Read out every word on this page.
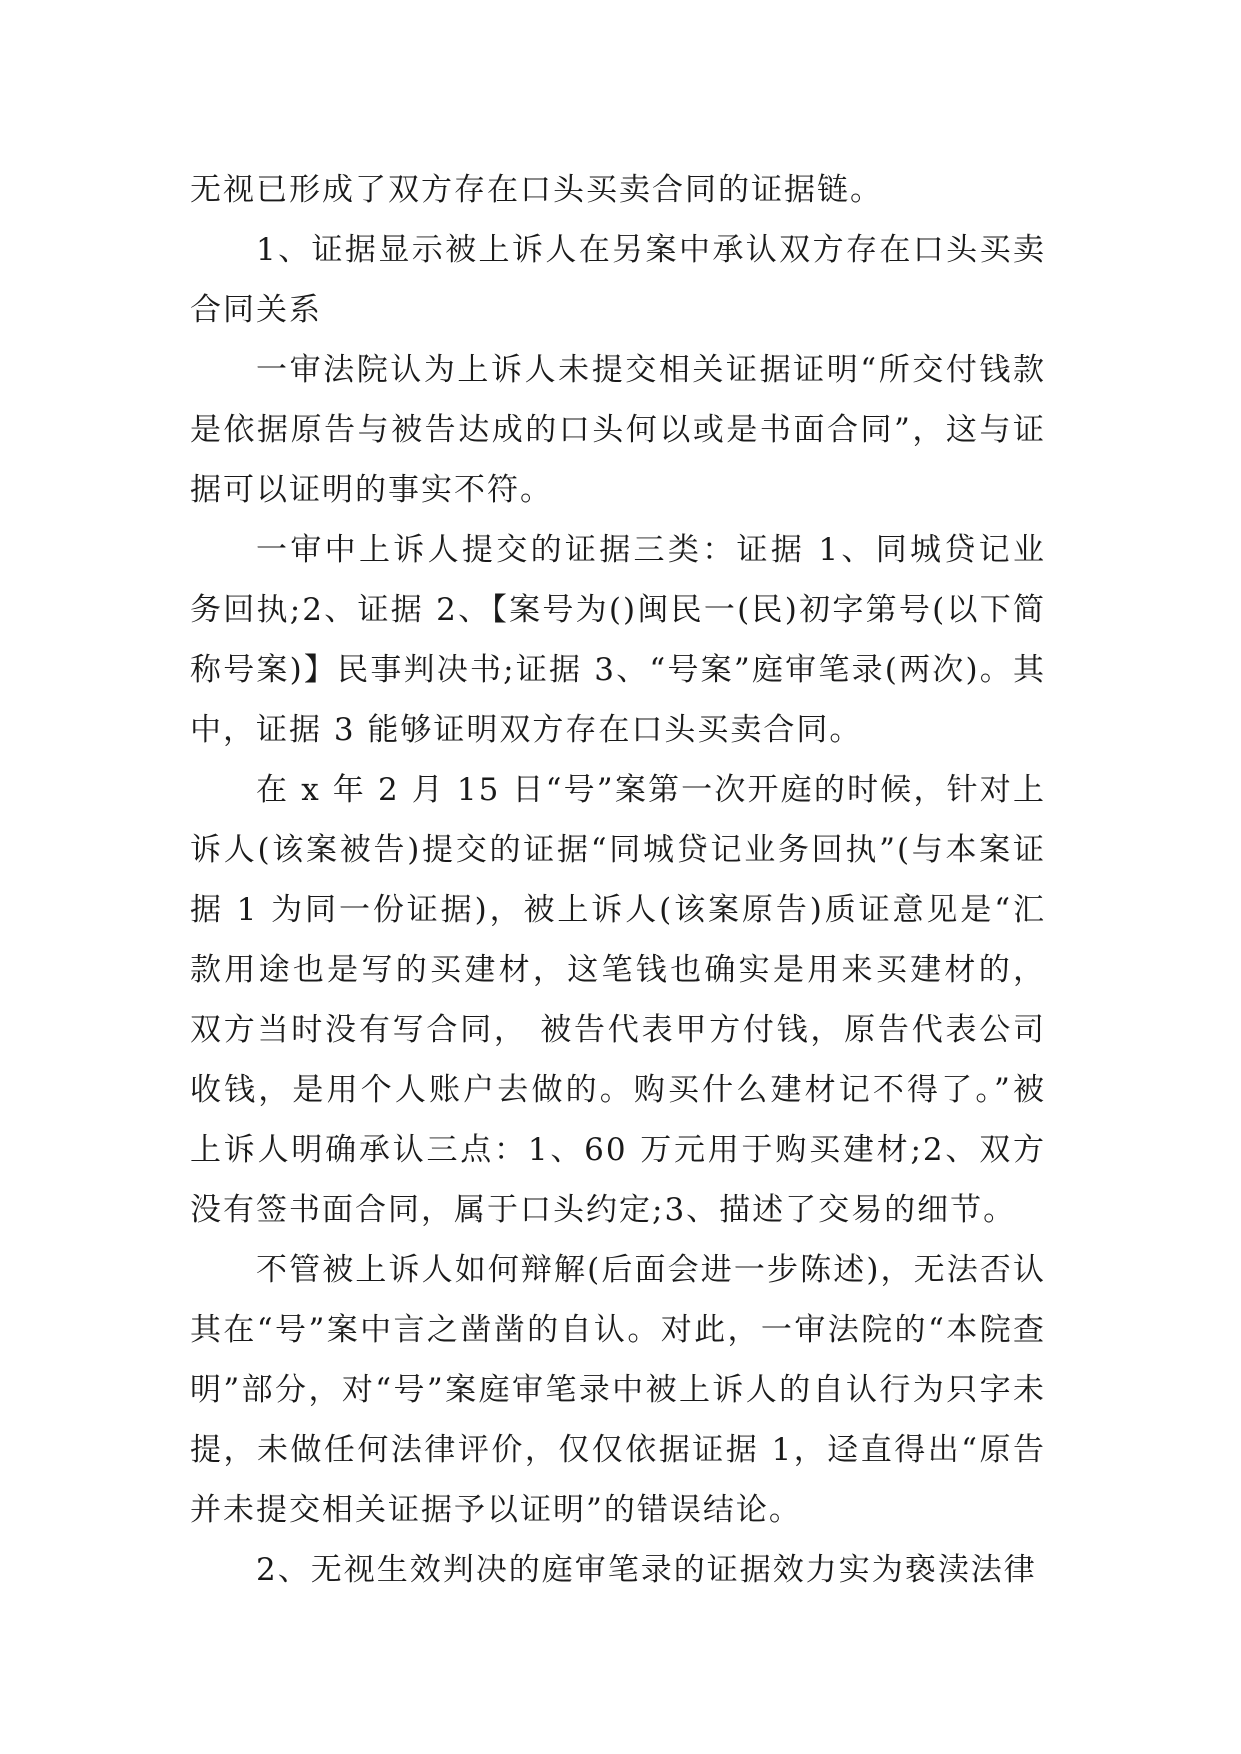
无视已形成了双方存在口头买卖合同的证据链。

1、证据显示被上诉人在另案中承认双方存在口头买卖合同关系

一审法院认为上诉人未提交相关证据证明“所交付钱款是依据原告与被告达成的口头何以或是书面合同”，这与证据可以证明的事实不符。

一审中上诉人提交的证据三类：证据 1、同城贷记业务回执;2、证据 2、【案号为()闽民一(民)初字第号(以下简称号案)】民事判决书;证据 3、“号案”庭审笔录(两次)。其中，证据 3 能够证明双方存在口头买卖合同。

在 x 年 2 月 15 日“号”案第一次开庭的时候，针对上诉人(该案被告)提交的证据“同城贷记业务回执”(与本案证据 1 为同一份证据)，被上诉人(该案原告)质证意见是“汇款用途也是写的买建材，这笔钱也确实是用来买建材的，双方当时没有写合同， 被告代表甲方付钱，原告代表公司收钱，是用个人账户去做的。购买什么建材记不得了。”被上诉人明确承认三点：1、60 万元用于购买建材;2、双方没有签书面合同，属于口头约定;3、描述了交易的细节。

不管被上诉人如何辩解(后面会进一步陈述)，无法否认其在“号”案中言之凿凿的自认。对此，一审法院的“本院查明”部分，对“号”案庭审笔录中被上诉人的自认行为只字未提，未做任何法律评价，仅仅依据证据 1，迳直得出“原告并未提交相关证据予以证明”的错误结论。

2、无视生效判决的庭审笔录的证据效力实为亵渎法律
